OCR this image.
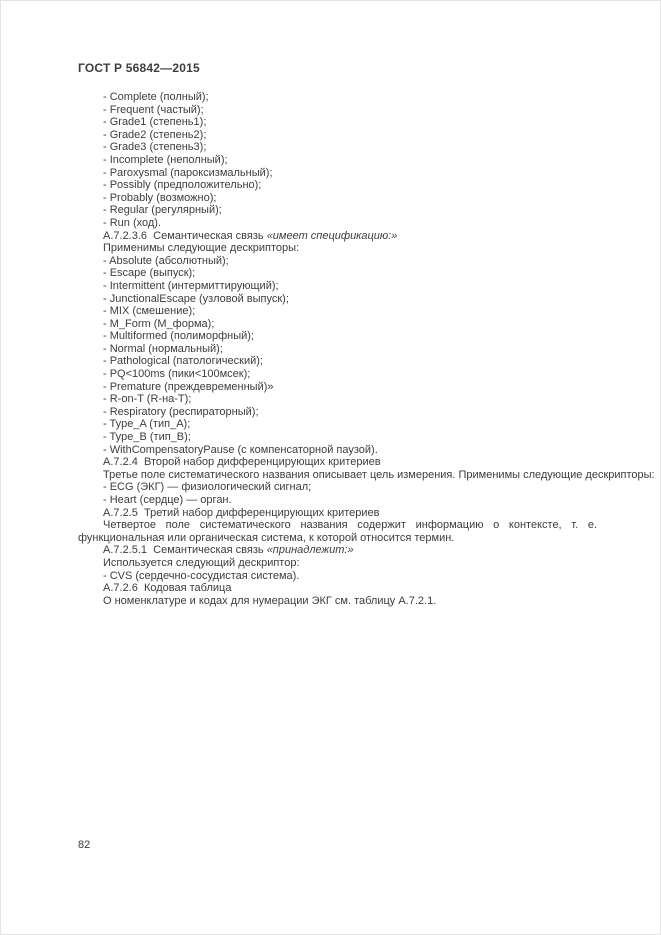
ГОСТ Р 56842—2015
- Complete (полный);
- Frequent (частый);
- Grade1 (степень1);
- Grade2 (степень2);
- Grade3 (степень3);
- Incomplete (неполный);
- Paroxysmal (пароксизмальный);
- Possibly (предположительно);
- Probably (возможно);
- Regular (регулярный);
- Run (ход).
А.7.2.3.6  Семантическая связь «имеет спецификацию:»
Применимы следующие дескрипторы:
- Absolute (абсолютный);
- Escape (выпуск);
- Intermittent (интермиттирующий);
- JunctionalEscape (узловой выпуск);
- MIX (смешение);
- M_Form (М_форма);
- Multiformed (полиморфный);
- Normal (нормальный);
- Pathological (патологический);
- PQ<100ms (пики<100мсек);
- Premature (преждевременный)»
- R-on-T (R-на-Т);
- Respiratory (респираторный);
- Type_A (тип_А);
- Type_B (тип_В);
- WithCompensatoryPause (с компенсаторной паузой).
А.7.2.4  Второй набор дифференцирующих критериев
Третье поле систематического названия описывает цель измерения. Применимы следующие дескрипторы:
- ECG (ЭКГ) — физиологический сигнал;
- Heart (сердце) — орган.
А.7.2.5  Третий набор дифференцирующих критериев
Четвертое поле систематического названия содержит информацию о контексте, т. е. функциональная или органическая система, к которой относится термин.
А.7.2.5.1  Семантическая связь «принадлежит:»
Используется следующий дескриптор:
- CVS (сердечно-сосудистая система).
А.7.2.6  Кодовая таблица
О номенклатуре и кодах для нумерации ЭКГ см. таблицу А.7.2.1.
82
